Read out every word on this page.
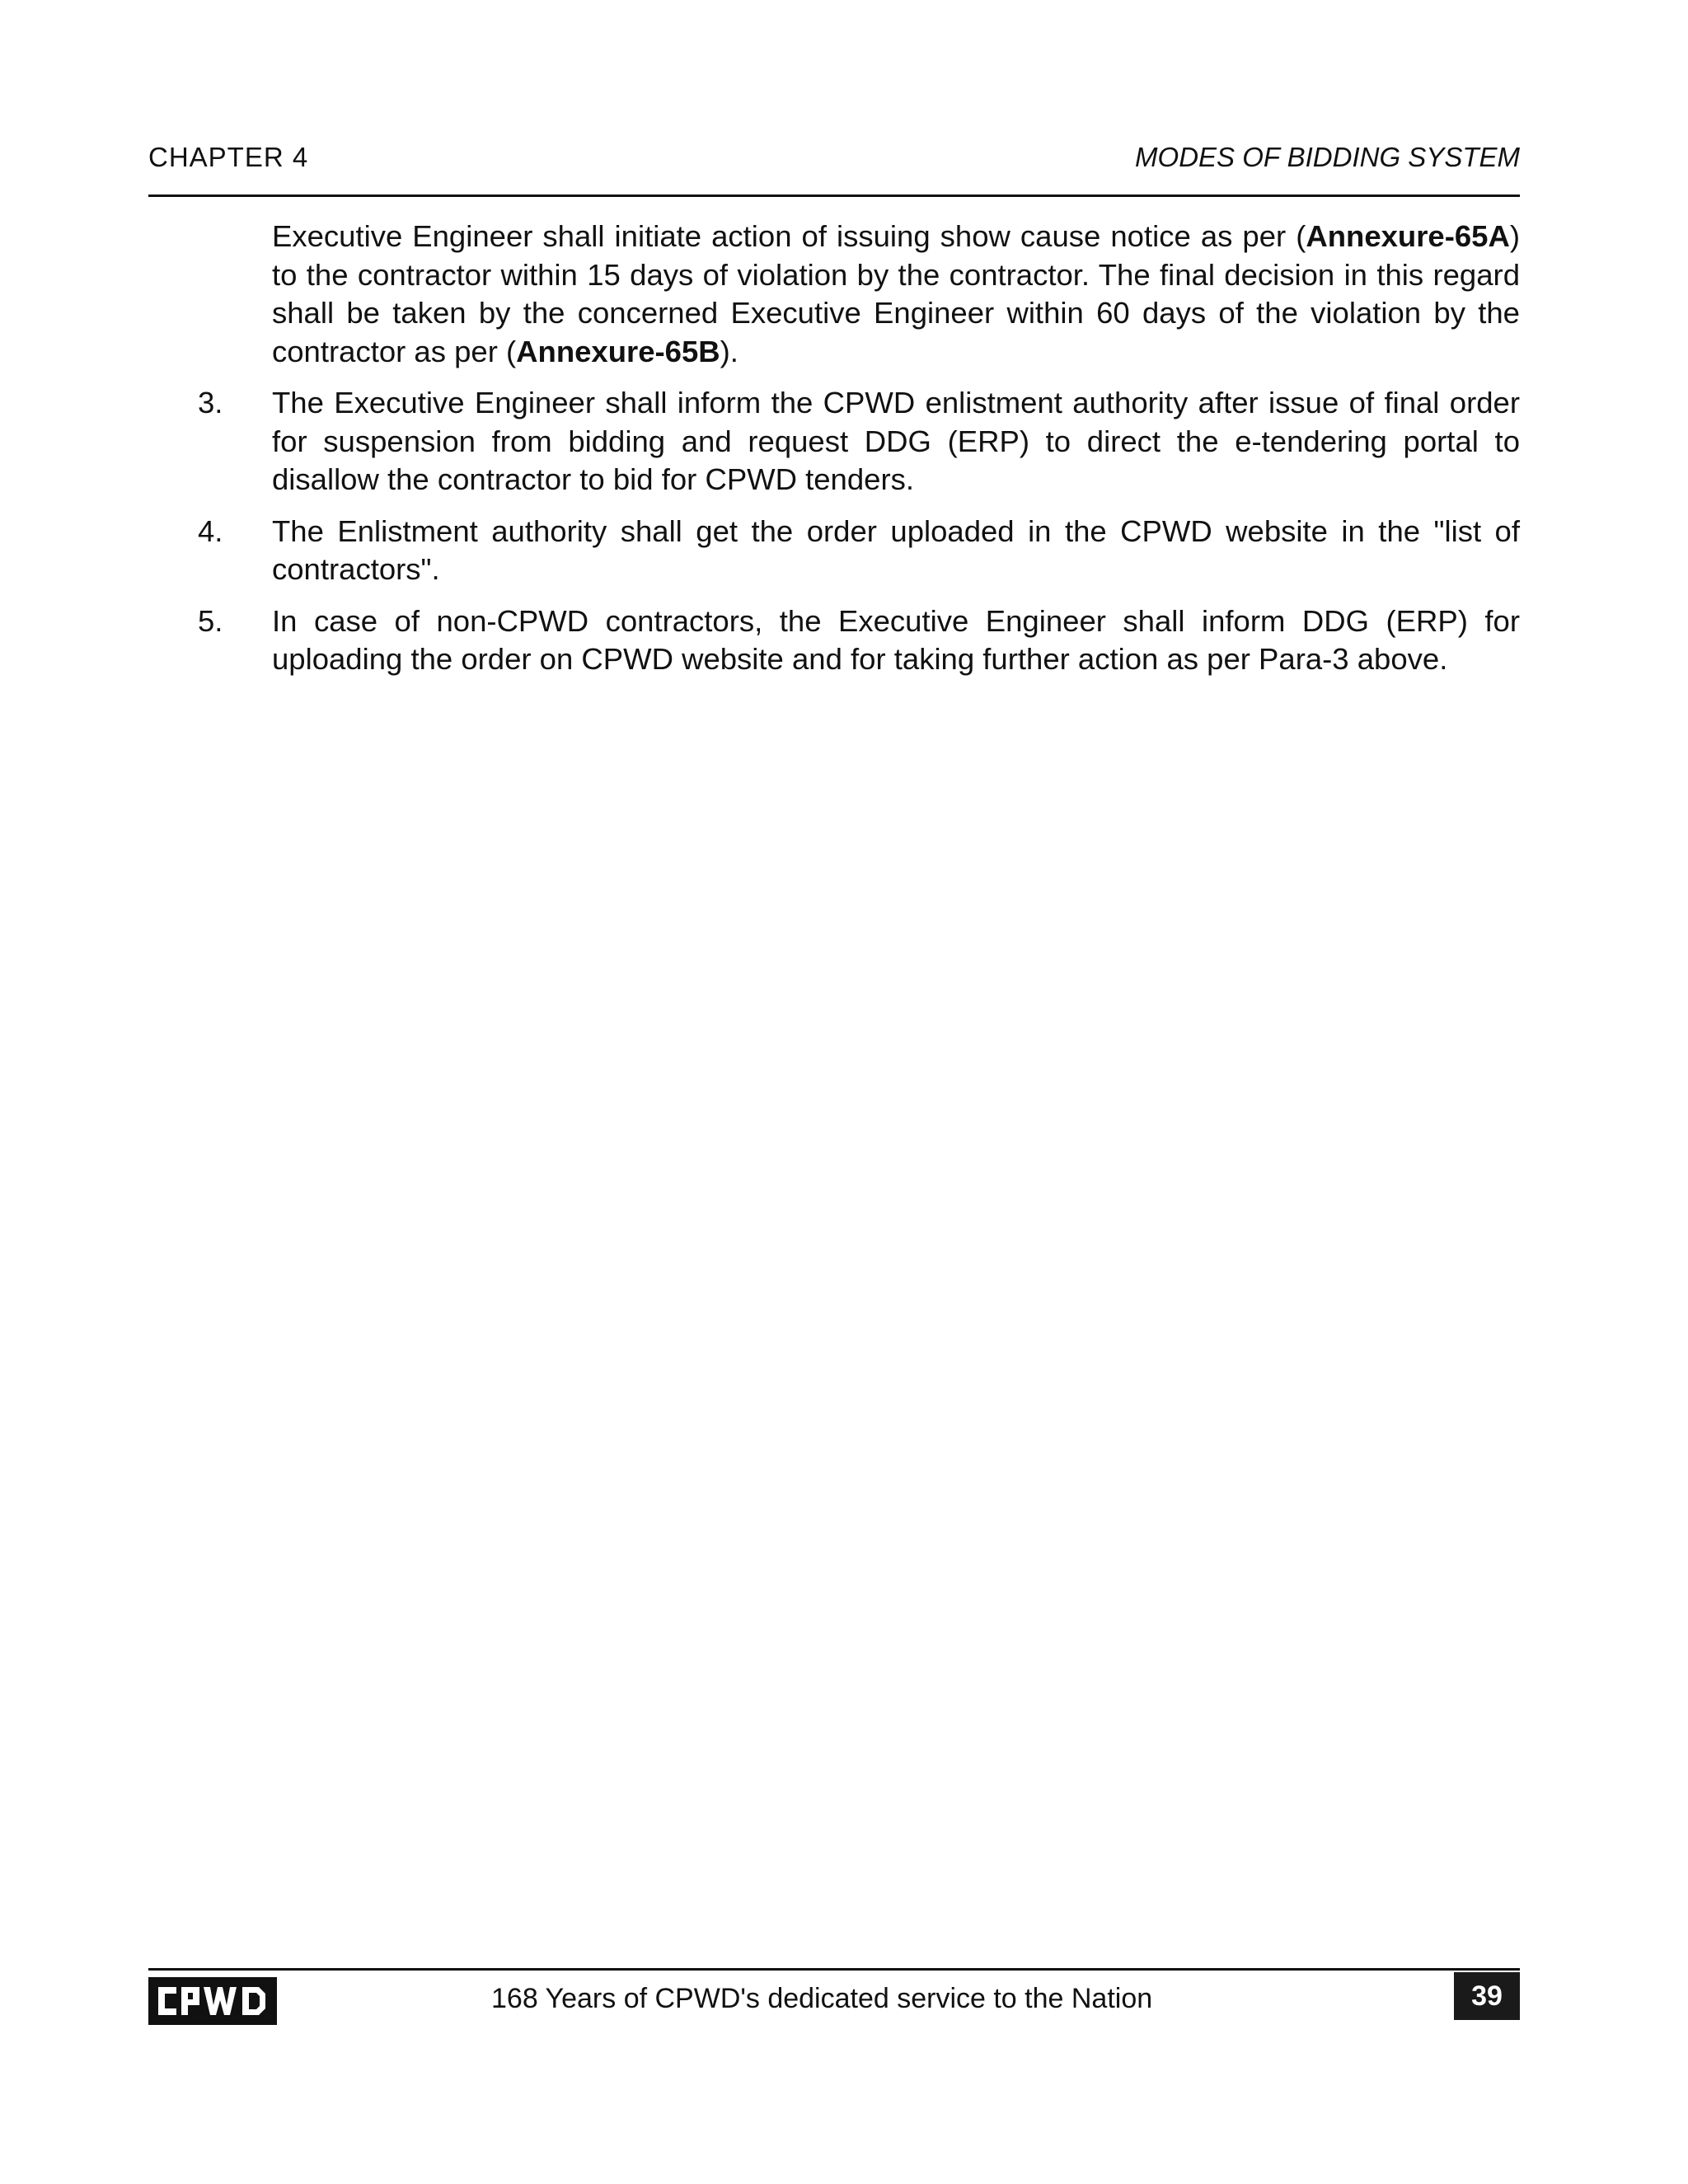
CHAPTER 4	MODES OF BIDDING SYSTEM
Executive Engineer shall initiate action of issuing show cause notice as per (Annexure-65A) to the contractor within 15 days of violation by the contractor. The final decision in this regard shall be taken by the concerned Executive Engineer within 60 days of the violation by the contractor as per (Annexure-65B).
3. The Executive Engineer shall inform the CPWD enlistment authority after issue of final order for suspension from bidding and request DDG (ERP) to direct the e-tendering portal to disallow the contractor to bid for CPWD tenders.
4. The Enlistment authority shall get the order uploaded in the CPWD website in the "list of contractors".
5. In case of non-CPWD contractors, the Executive Engineer shall inform DDG (ERP) for uploading the order on CPWD website and for taking further action as per Para-3 above.
168 Years of CPWD's dedicated service to the Nation	39
